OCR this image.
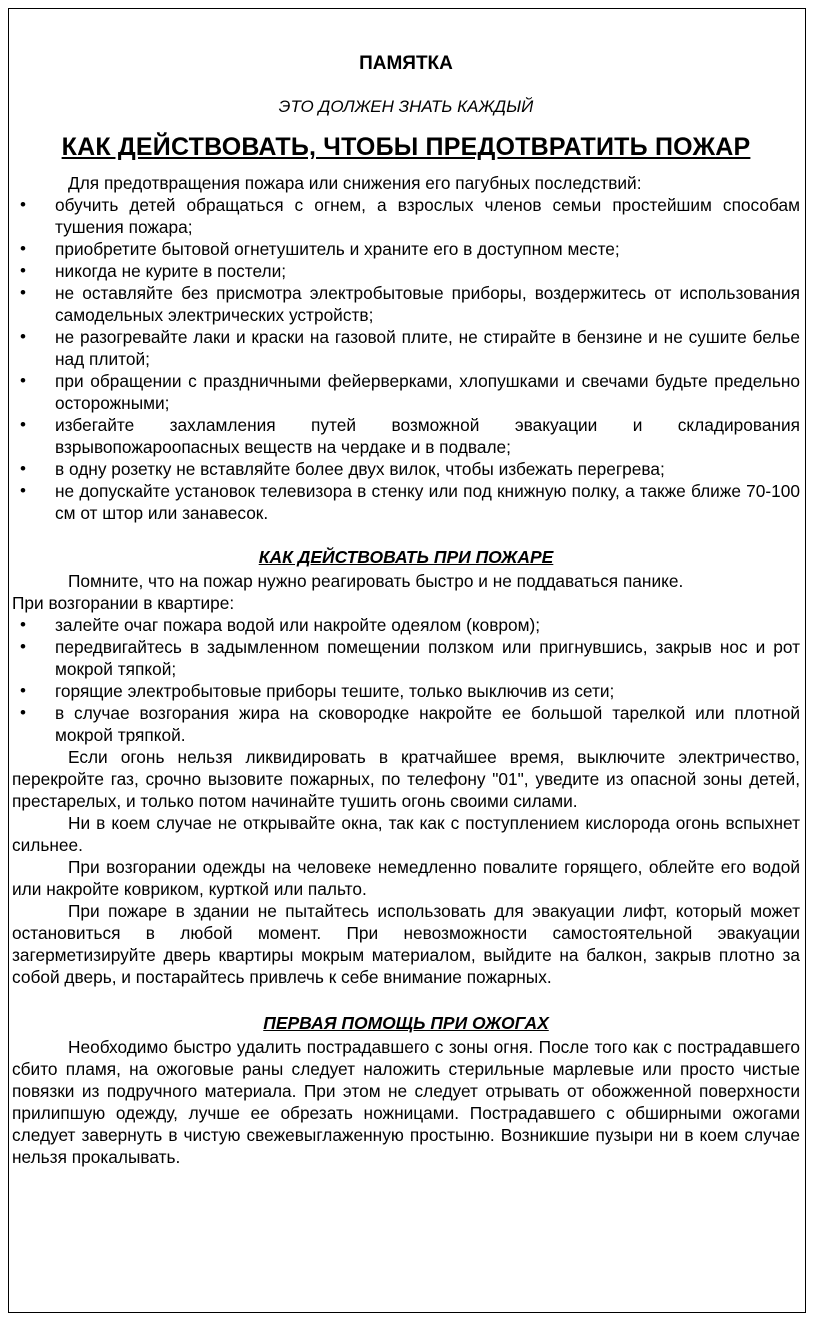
ПАМЯТКА
ЭТО ДОЛЖЕН ЗНАТЬ КАЖДЫЙ
КАК ДЕЙСТВОВАТЬ, ЧТОБЫ ПРЕДОТВРАТИТЬ ПОЖАР

Для предотвращения пожара или снижения его пагубных последствий:

• обучить детей обращаться с огнем, а взрослых членов семьи простейшим способам тушения пожара;
• приобретите бытовой огнетушитель и храните его в доступном месте;
• никогда не курите в постели;
• не оставляйте без присмотра электробытовые приборы, воздержитесь от использования самодельных электрических устройств;
• не разогревайте лаки и краски на газовой плите, не стирайте в бензине и не сушите белье над плитой;
• при обращении с праздничными фейерверками, хлопушками и свечами будьте предельно осторожными;
• избегайте захламления путей возможной эвакуации и складирования взрывопожароопасных веществ на чердаке и в подвале;
• в одну розетку не вставляйте более двух вилок, чтобы избежать перегрева;
• не допускайте установок телевизора в стенку или под книжную полку, а также ближе 70-100 см от штор или занавесок.
КАК ДЕЙСТВОВАТЬ ПРИ ПОЖАРЕ

Помните, что на пожар нужно реагировать быстро и не поддаваться панике.

При возгорании в квартире:

• залейте очаг пожара водой или накройте одеялом (ковром);
• передвигайтесь в задымленном помещении ползком или пригнувшись, закрыв нос и рот мокрой тяпкой;
• горящие электробытовые приборы тешите, только выключив из сети;
• в случае возгорания жира на сковородке накройте ее большой тарелкой или плотной мокрой тряпкой.

Если огонь нельзя ликвидировать в кратчайшее время, выключите электричество, перекройте газ, срочно вызовите пожарных, по телефону "01", уведите из опасной зоны детей, престарелых, и только потом начинайте тушить огонь своими силами.

Ни в коем случае не открывайте окна, так как с поступлением кислорода огонь вспыхнет сильнее.

При возгорании одежды на человеке немедленно повалите горящего, облейте его водой или накройте ковриком, курткой или пальто.

При пожаре в здании не пытайтесь использовать для эвакуации лифт, который может остановиться в любой момент. При невозможности самостоятельной эвакуации загерметизируйте дверь квартиры мокрым материалом, выйдите на балкон, закрыв плотно за собой дверь, и постарайтесь привлечь к себе внимание пожарных.

ПЕРВАЯ ПОМОЩЬ ПРИ ОЖОГАХ

Необходимо быстро удалить пострадавшего с зоны огня. После того как с пострадавшего сбито пламя, на ожоговые раны следует наложить стерильные марлевые или просто чистые повязки из подручного материала. При этом не следует отрывать от обожженной поверхности прилипшую одежду, лучше ее обрезать ножницами. Пострадавшего с обширными ожогами следует завернуть в чистую свежевыглаженную простыню. Возникшие пузыри ни в коем случае нельзя прокалывать.
